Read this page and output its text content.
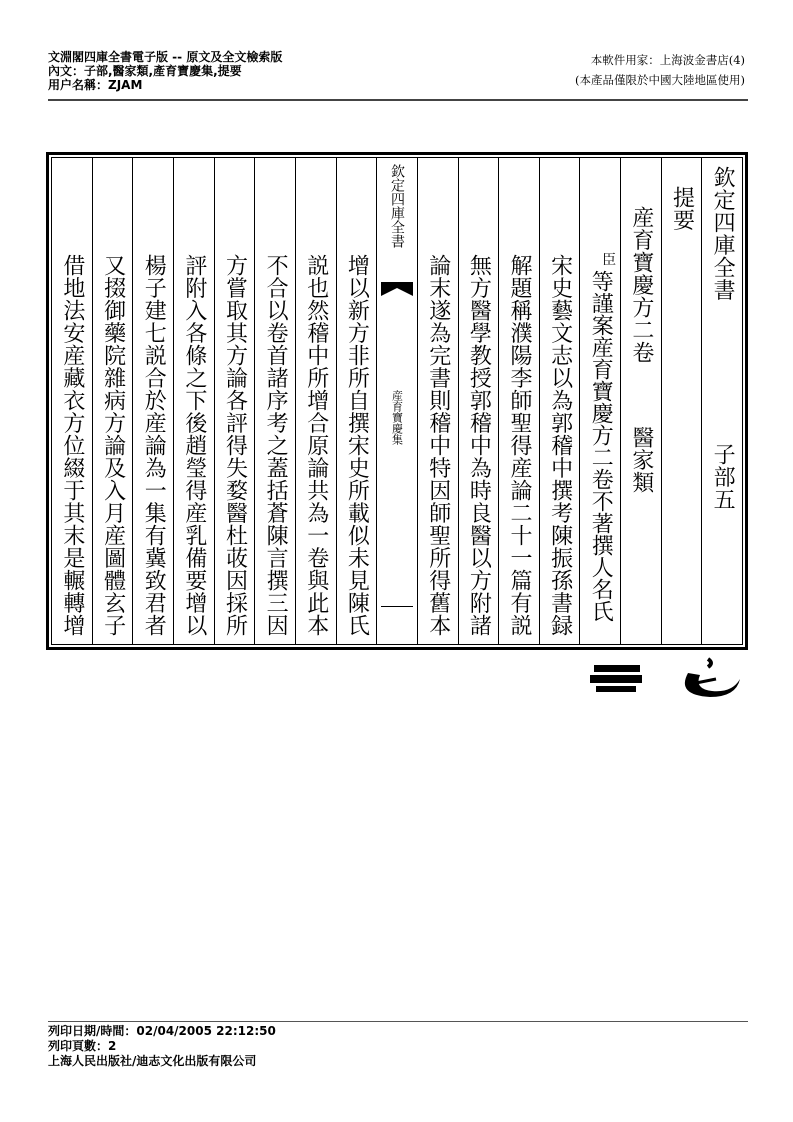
文淵閣四庫全書電子版 -- 原文及全文檢索版
內文：子部,醫家類,產育寶慶集,提要
用户名稱：ZJAM
本軟件用家：上海波金書店(4)
(本產品僅限於中國大陸地區使用)
欽定四庫全書
子部五
提要
産育寶慶方二卷
醫家類
臣
等謹案産育寶慶方二卷不著撰人名氏
宋史藝文志以為郭稽中撰考陳振孫書録
解題稱濮陽李師聖得産論二十一篇有説
無方醫學教授郭稽中為時良醫以方附諸
論末遂為完書則稽中特因師聖所得舊本
欽定四庫全書
産育寶慶集
增以新方非所自撰宋史所載似未見陳氏
説也然稽中所增合原論共為一卷與此本
不合以卷首諸序考之蓋括蒼陳言撰三因
方嘗取其方論各評得失婺醫杜荍因採所
評附入各條之下後趙瑩得産乳備要增以
楊子建七説合於産論為一集有冀致君者
又掇御藥院雜病方論及入月産圖體玄子
借地法安産藏衣方位綴于其末是輾轉增
列印日期/時間：02/04/2005 22:12:50
列印頁數：2
上海人民出版社/迪志文化出版有限公司
